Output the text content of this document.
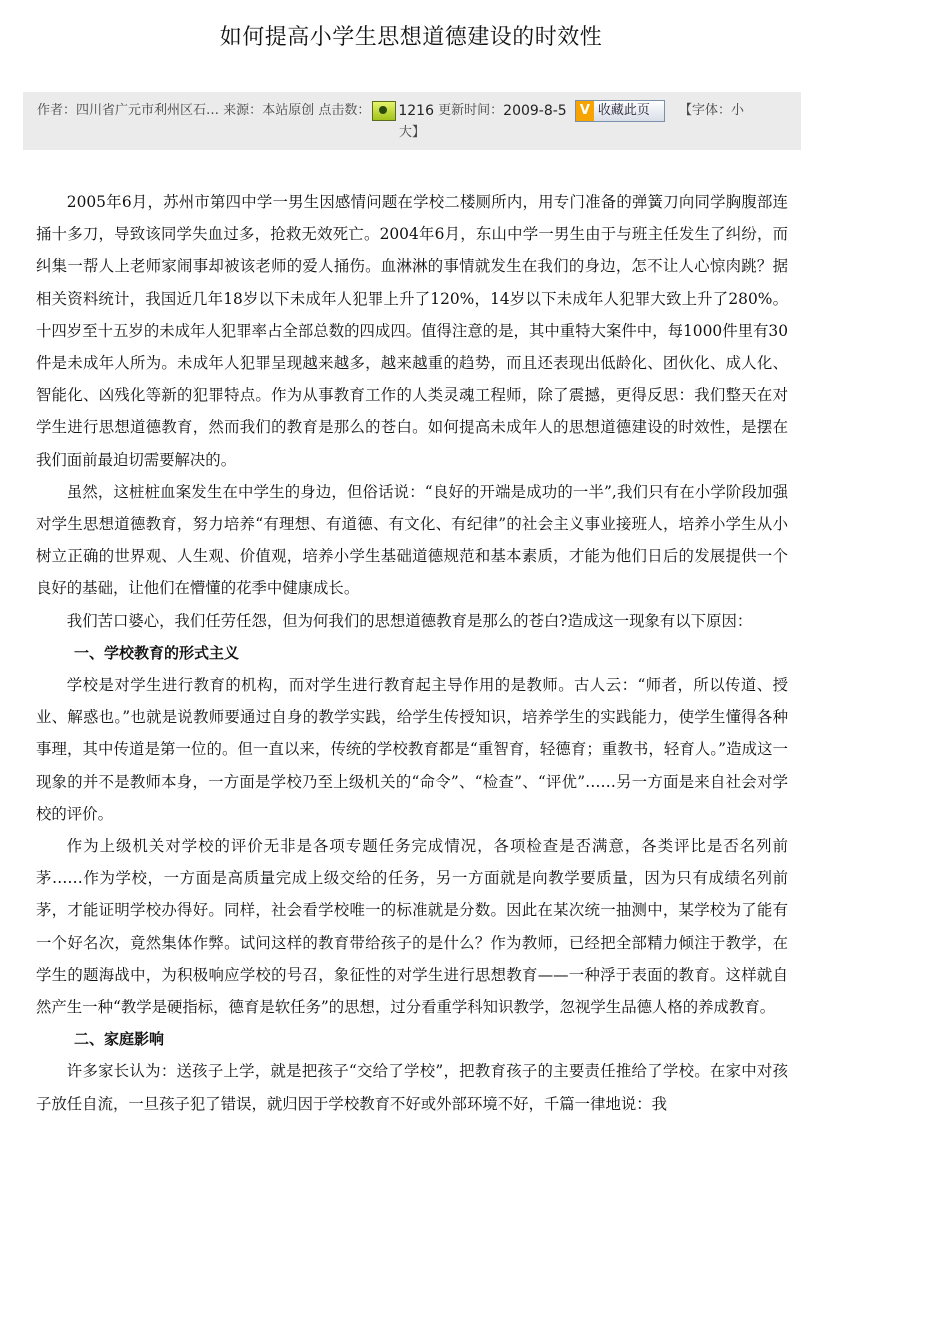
如何提高小学生思想道德建设的时效性
作者：四川省广元市利州区石… 来源：本站原创 点击数： 1216 更新时间：2009-8-5 V 收藏此页 【字体：小
大】

2005年6月，苏州市第四中学一男生因感情问题在学校二楼厕所内，用专门准备的弹簧刀向同学胸腹部连捅十多刀，导致该同学失血过多，抢救无效死亡。2004年6月，东山中学一男生由于与班主任发生了纠纷，而纠集一帮人上老师家闹事却被该老师的爱人捅伤。血淋淋的事情就发生在我们的身边，怎不让人心惊肉跳？据相关资料统计，我国近几年18岁以下未成年人犯罪上升了120%，14岁以下未成年人犯罪大致上升了280%。十四岁至十五岁的未成年人犯罪率占全部总数的四成四。值得注意的是，其中重特大案件中，每1000件里有30件是未成年人所为。未成年人犯罪呈现越来越多，越来越重的趋势，而且还表现出低龄化、团伙化、成人化、智能化、凶残化等新的犯罪特点。作为从事教育工作的人类灵魂工程师，除了震撼，更得反思：我们整天在对学生进行思想道德教育，然而我们的教育是那么的苍白。如何提高未成年人的思想道德建设的时效性，是摆在我们面前最迫切需要解决的。

虽然，这桩桩血案发生在中学生的身边，但俗话说：“良好的开端是成功的一半”,我们只有在小学阶段加强对学生思想道德教育，努力培养“有理想、有道德、有文化、有纪律”的社会主义事业接班人，培养小学生从小树立正确的世界观、人生观、价值观，培养小学生基础道德规范和基本素质，才能为他们日后的发展提供一个良好的基础，让他们在懵懂的花季中健康成长。

我们苦口婆心，我们任劳任怨，但为何我们的思想道德教育是那么的苍白?造成这一现象有以下原因：

一、学校教育的形式主义

学校是对学生进行教育的机构，而对学生进行教育起主导作用的是教师。古人云：“师者，所以传道、授业、解惑也。”也就是说教师要通过自身的教学实践，给学生传授知识，培养学生的实践能力，使学生懂得各种事理，其中传道是第一位的。但一直以来，传统的学校教育都是“重智育，轻德育；重教书，轻育人。”造成这一现象的并不是教师本身，一方面是学校乃至上级机关的“命令”、“检查”、“评优”……另一方面是来自社会对学校的评价。

作为上级机关对学校的评价无非是各项专题任务完成情况，各项检查是否满意，各类评比是否名列前茅……作为学校，一方面是高质量完成上级交给的任务，另一方面就是向教学要质量，因为只有成绩名列前茅，才能证明学校办得好。同样，社会看学校唯一的标准就是分数。因此在某次统一抽测中，某学校为了能有一个好名次，竟然集体作弊。试问这样的教育带给孩子的是什么？作为教师，已经把全部精力倾注于教学，在学生的题海战中，为积极响应学校的号召，象征性的对学生进行思想教育——一种浮于表面的教育。这样就自然产生一种“教学是硬指标，德育是软任务”的思想，过分看重学科知识教学，忽视学生品德人格的养成教育。

二、家庭影响

许多家长认为：送孩子上学，就是把孩子“交给了学校”，把教育孩子的主要责任推给了学校。在家中对孩子放任自流，一旦孩子犯了错误，就归因于学校教育不好或外部环境不好，千篇一律地说：我
